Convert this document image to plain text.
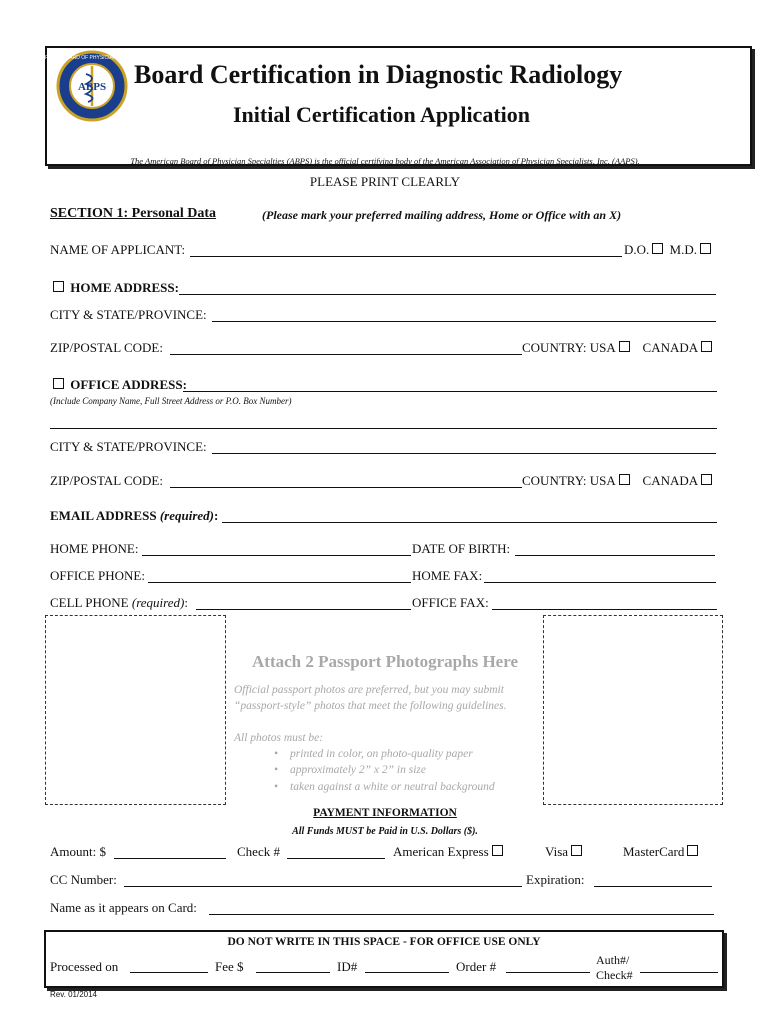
ABPS
AMERICAN BOARD OF PHYSICIAN SPECIALTIES
Board Certification in Diagnostic Radiology
Initial Certification Application
The American Board of Physician Specialties (ABPS) is the official certifying body of the American Association of Physician Specialists, Inc. (AAPS).
PLEASE PRINT CLEARLY
SECTION 1: Personal Data	(Please mark your preferred mailing address, Home or Office with an X)
NAME OF APPLICANT:	D.O. M.D.
HOME ADDRESS:
CITY & STATE/PROVINCE:
ZIP/POSTAL CODE:	COUNTRY: USA CANADA
OFFICE ADDRESS:
(Include Company Name, Full Street Address or P.O. Box Number)
CITY & STATE/PROVINCE:
ZIP/POSTAL CODE:	COUNTRY: USA CANADA
EMAIL ADDRESS (required):
HOME PHONE:	DATE OF BIRTH:
OFFICE PHONE:	HOME FAX:
CELL PHONE (required):	OFFICE FAX:
Attach 2 Passport Photographs Here
Official passport photos are preferred, but you may submit
“passport-style” photos that meet the following guidelines.
All photos must be:
• printed in color, on photo-quality paper
• approximately 2” x 2” in size
• taken against a white or neutral background
PAYMENT INFORMATION
All Funds MUST be Paid in U.S. Dollars ($).
Amount: $	Check #	American Express	Visa	MasterCard
CC Number:	Expiration:
Name as it appears on Card:
DO NOT WRITE IN THIS SPACE - FOR OFFICE USE ONLY
Processed on	Fee $	ID#	Order #	Auth#/
Check#
Rev. 01/2014
